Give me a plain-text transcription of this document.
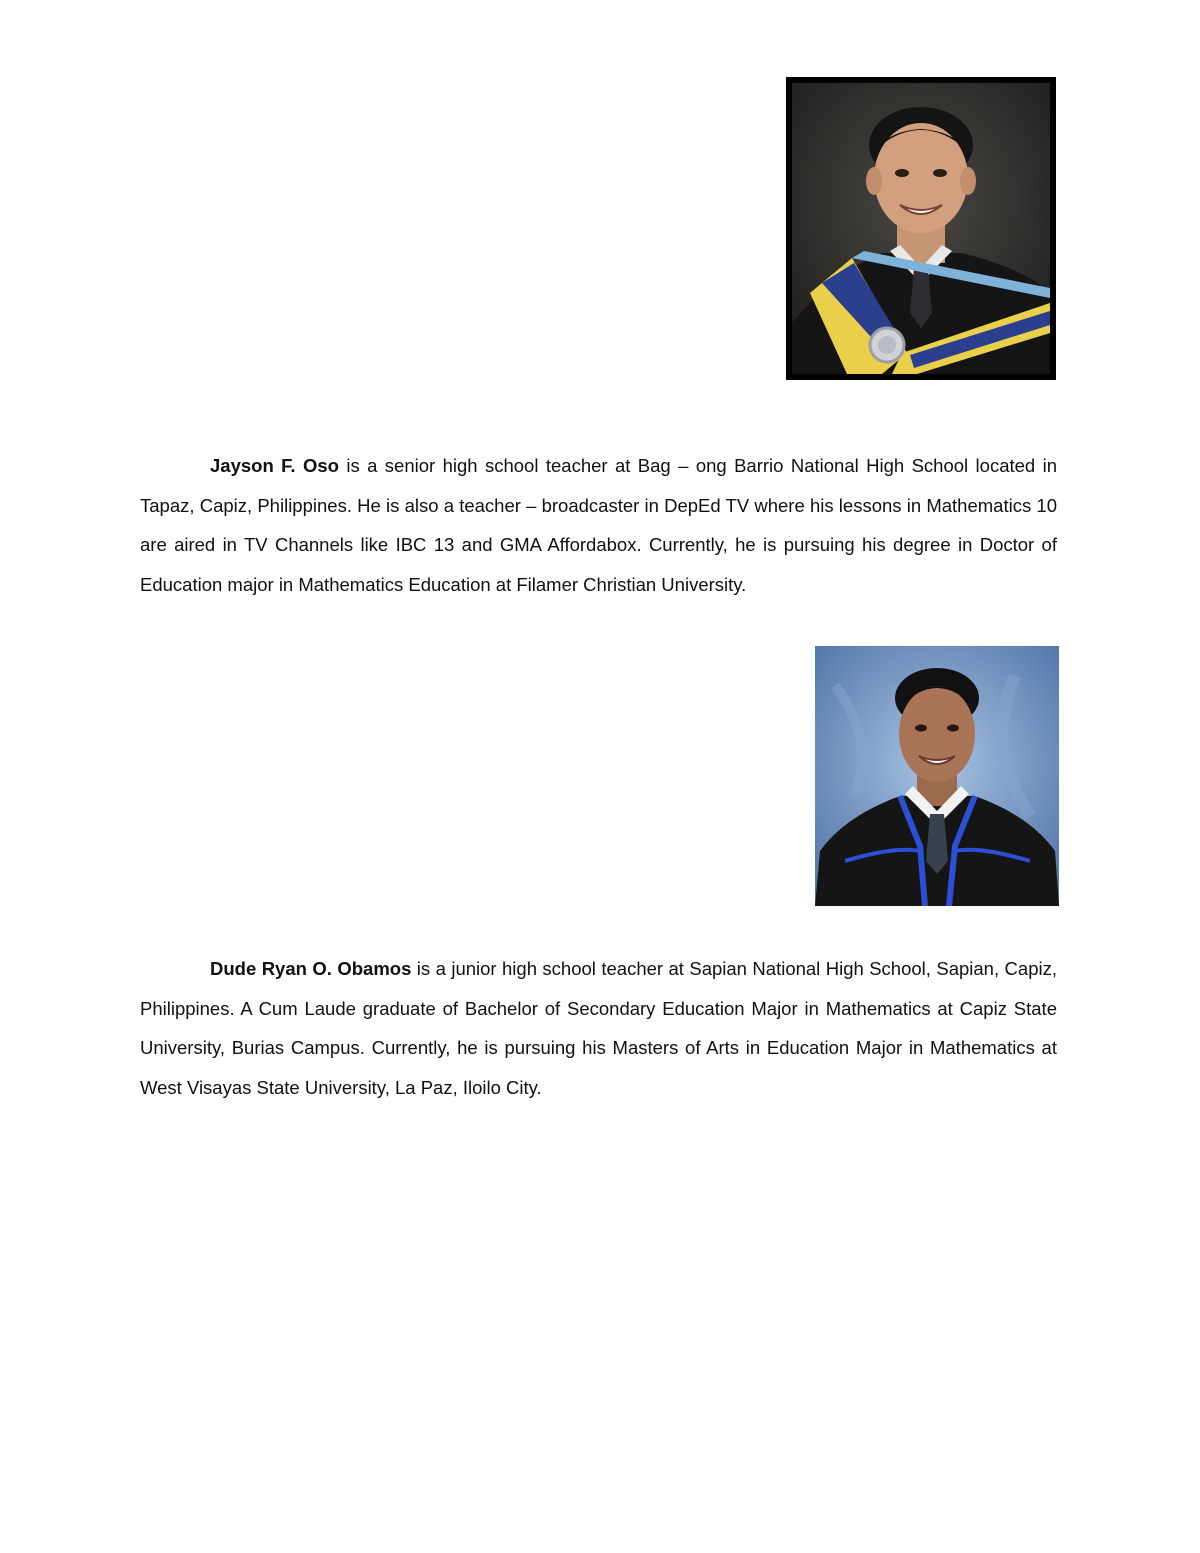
Jayson F. Oso is a senior high school teacher at Bag – ong Barrio National High School located in Tapaz, Capiz, Philippines. He is also a teacher – broadcaster in DepEd TV where his lessons in Mathematics 10 are aired in TV Channels like IBC 13 and GMA Affordabox. Currently, he is pursuing his degree in Doctor of Education major in Mathematics Education at Filamer Christian University.

Dude Ryan O. Obamos is a junior high school teacher at Sapian National High School, Sapian, Capiz, Philippines. A Cum Laude graduate of Bachelor of Secondary Education Major in Mathematics at Capiz State University, Burias Campus. Currently, he is pursuing his Masters of Arts in Education Major in Mathematics at West Visayas State University, La Paz, Iloilo City.
